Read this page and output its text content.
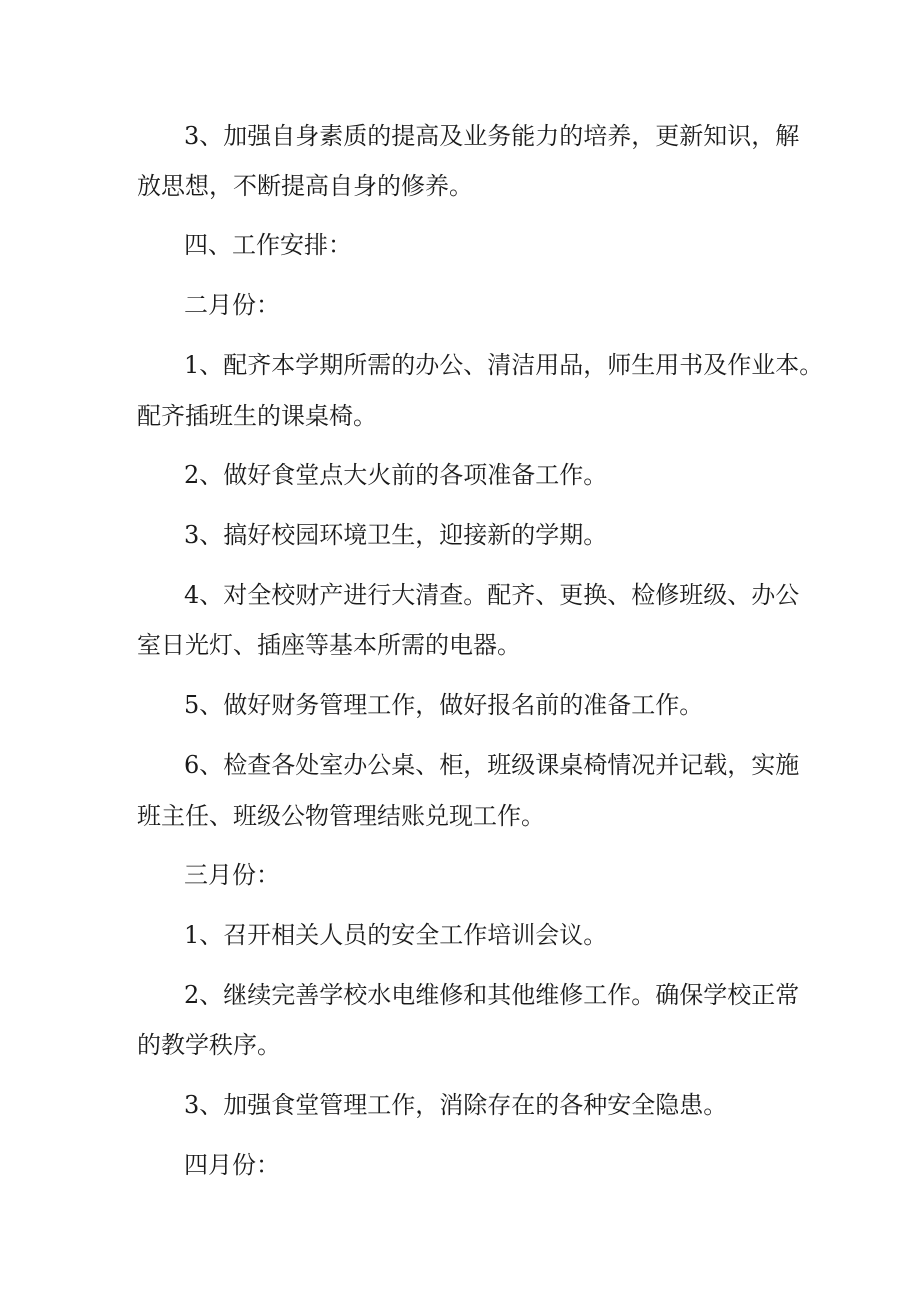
3、加强自身素质的提高及业务能力的培养，更新知识，解

放思想，不断提高自身的修养。

四、工作安排：

二月份：

1、配齐本学期所需的办公、清洁用品，师生用书及作业本。

配齐插班生的课桌椅。

2、做好食堂点大火前的各项准备工作。

3、搞好校园环境卫生，迎接新的学期。

4、对全校财产进行大清查。配齐、更换、检修班级、办公

室日光灯、插座等基本所需的电器。

5、做好财务管理工作，做好报名前的准备工作。

6、检查各处室办公桌、柜，班级课桌椅情况并记载，实施

班主任、班级公物管理结账兑现工作。

三月份：

1、召开相关人员的安全工作培训会议。

2、继续完善学校水电维修和其他维修工作。确保学校正常

的教学秩序。

3、加强食堂管理工作，消除存在的各种安全隐患。

四月份：
